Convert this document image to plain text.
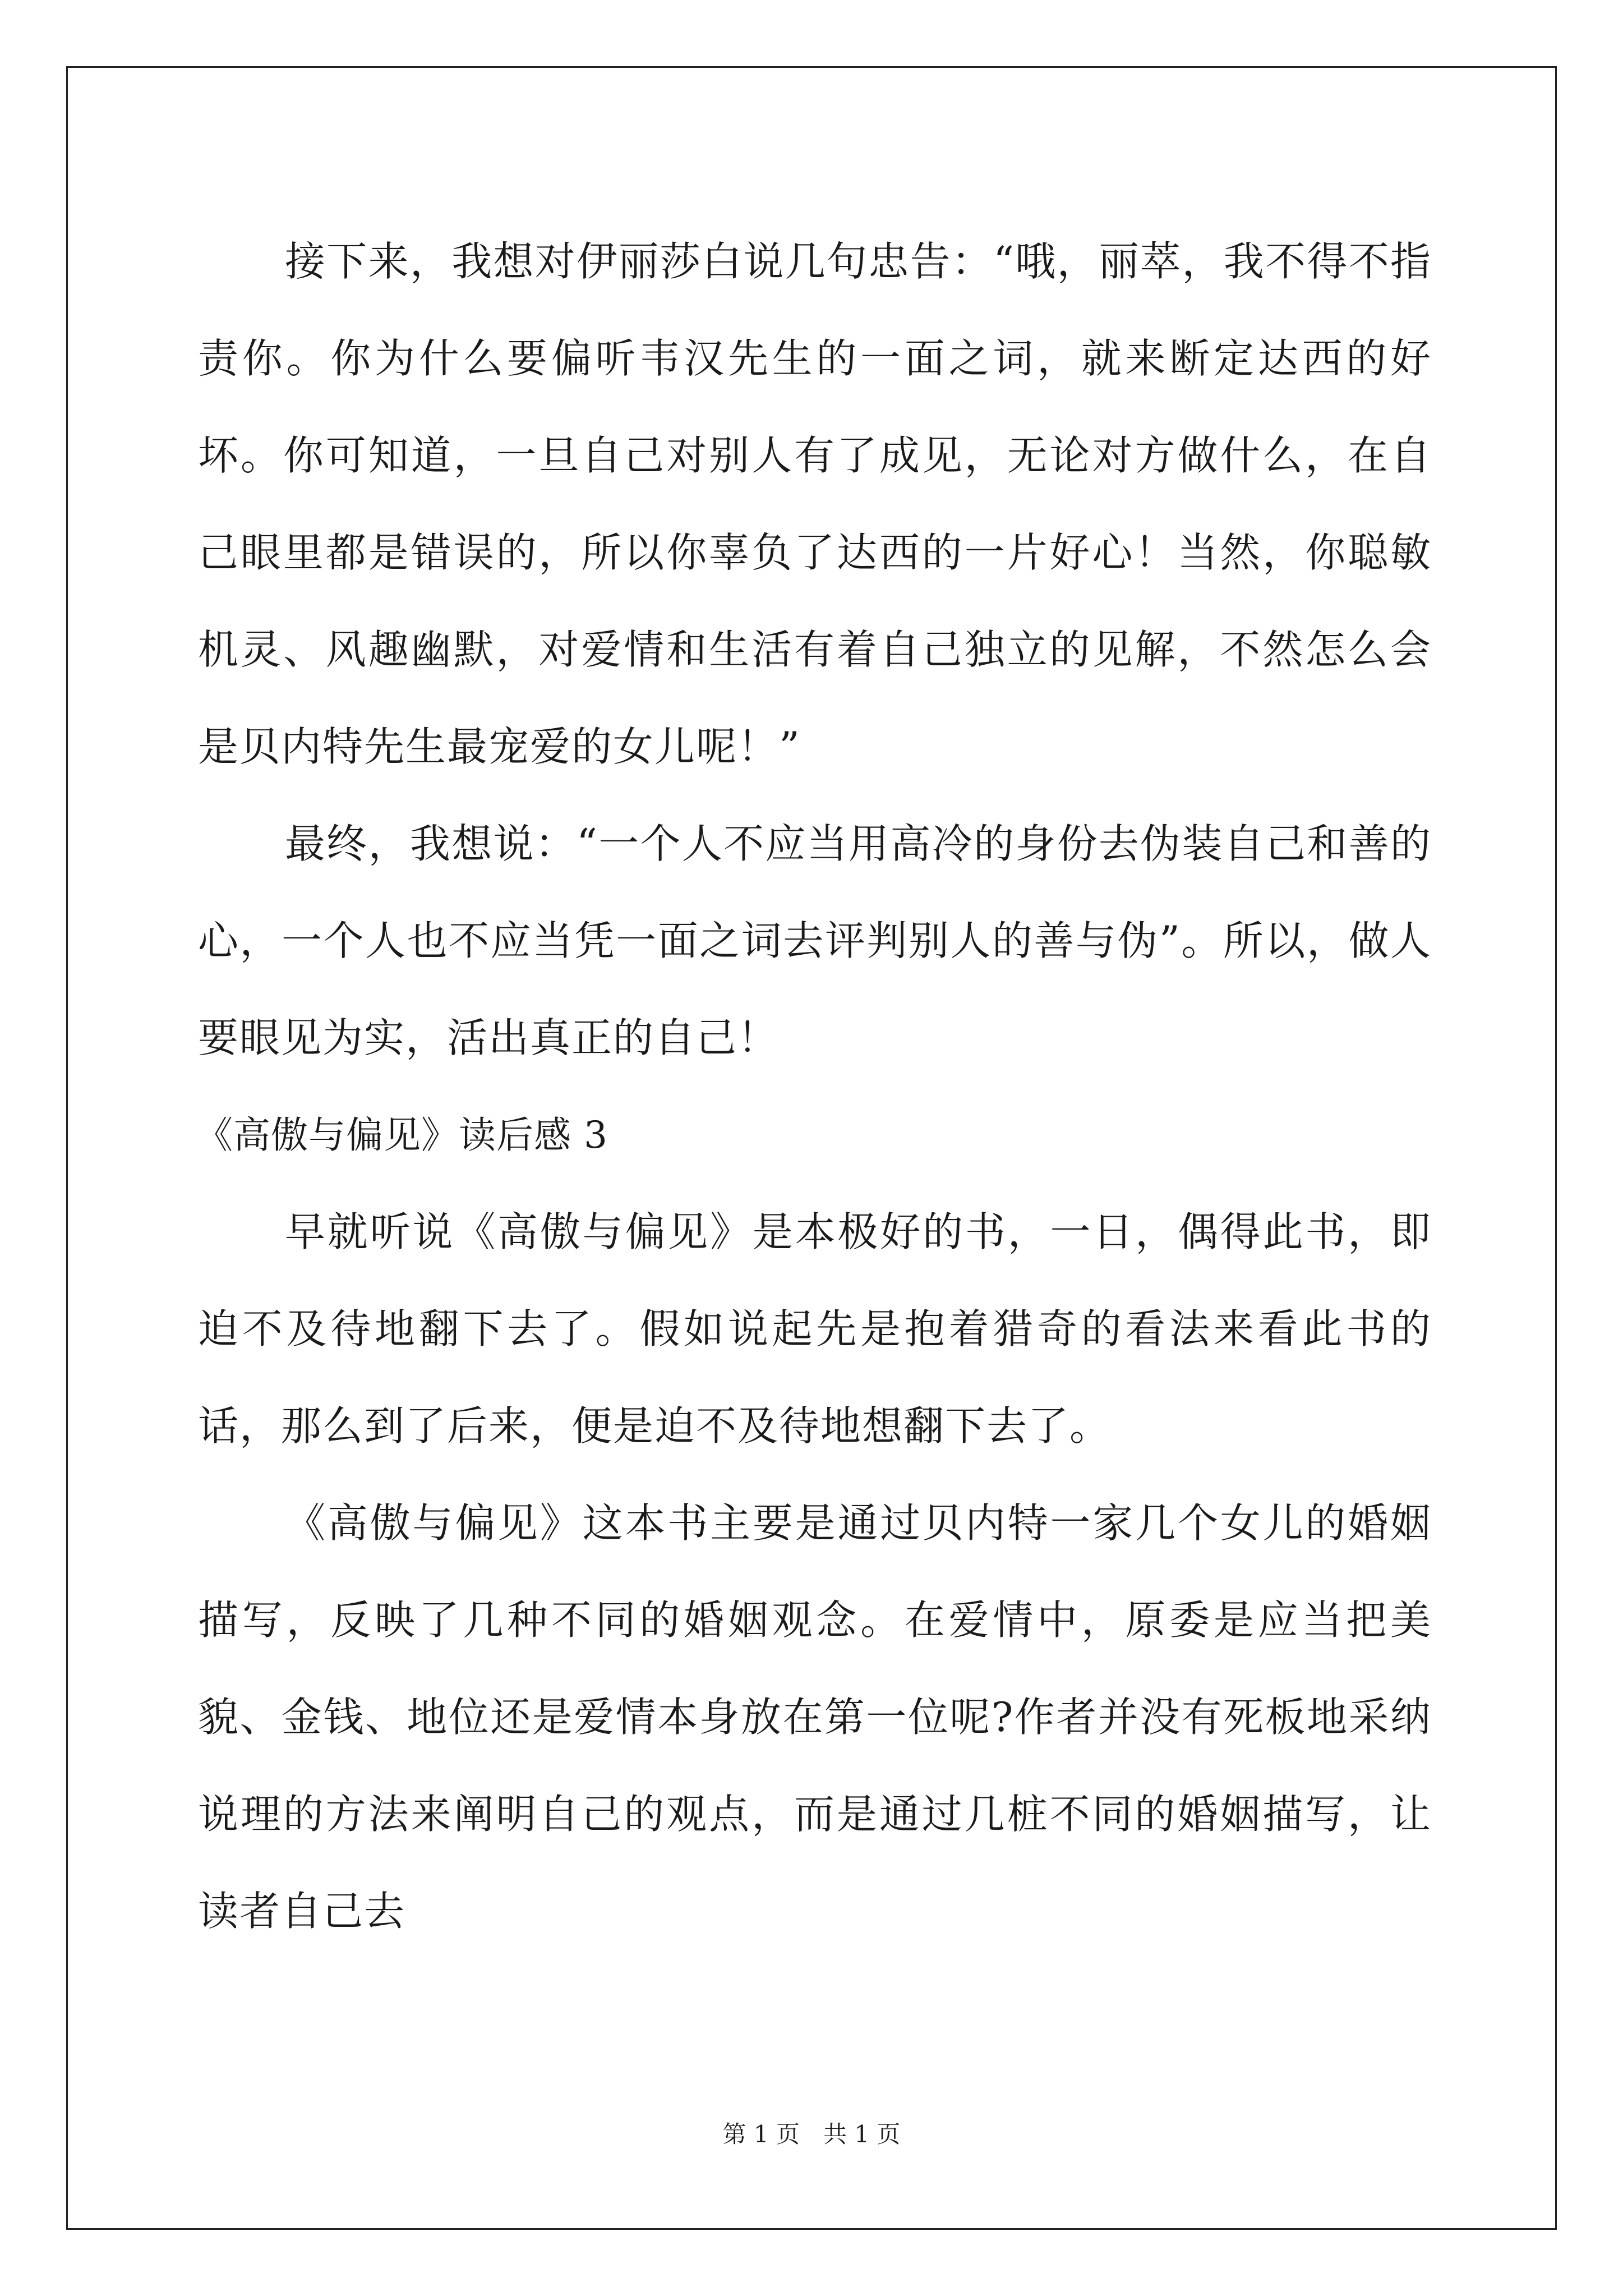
接下来，我想对伊丽莎白说几句忠告：“哦，丽萃，我不得不指责你。你为什么要偏听韦汉先生的一面之词，就来断定达西的好坏。你可知道，一旦自己对别人有了成见，无论对方做什么，在自己眼里都是错误的，所以你辜负了达西的一片好心！当然，你聪敏机灵、风趣幽默，对爱情和生活有着自己独立的见解，不然怎么会是贝内特先生最宠爱的女儿呢！”

最终，我想说：“一个人不应当用高冷的身份去伪装自己和善的心，一个人也不应当凭一面之词去评判别人的善与伪”。所以，做人要眼见为实，活出真正的自己！

《高傲与偏见》读后感 3

早就听说《高傲与偏见》是本极好的书，一日，偶得此书，即迫不及待地翻下去了。假如说起先是抱着猎奇的看法来看此书的话，那么到了后来，便是迫不及待地想翻下去了。

《高傲与偏见》这本书主要是通过贝内特一家几个女儿的婚姻描写，反映了几种不同的婚姻观念。在爱情中，原委是应当把美貌、金钱、地位还是爱情本身放在第一位呢?作者并没有死板地采纳说理的方法来阐明自己的观点，而是通过几桩不同的婚姻描写，让读者自己去

第 1 页　共 1 页
